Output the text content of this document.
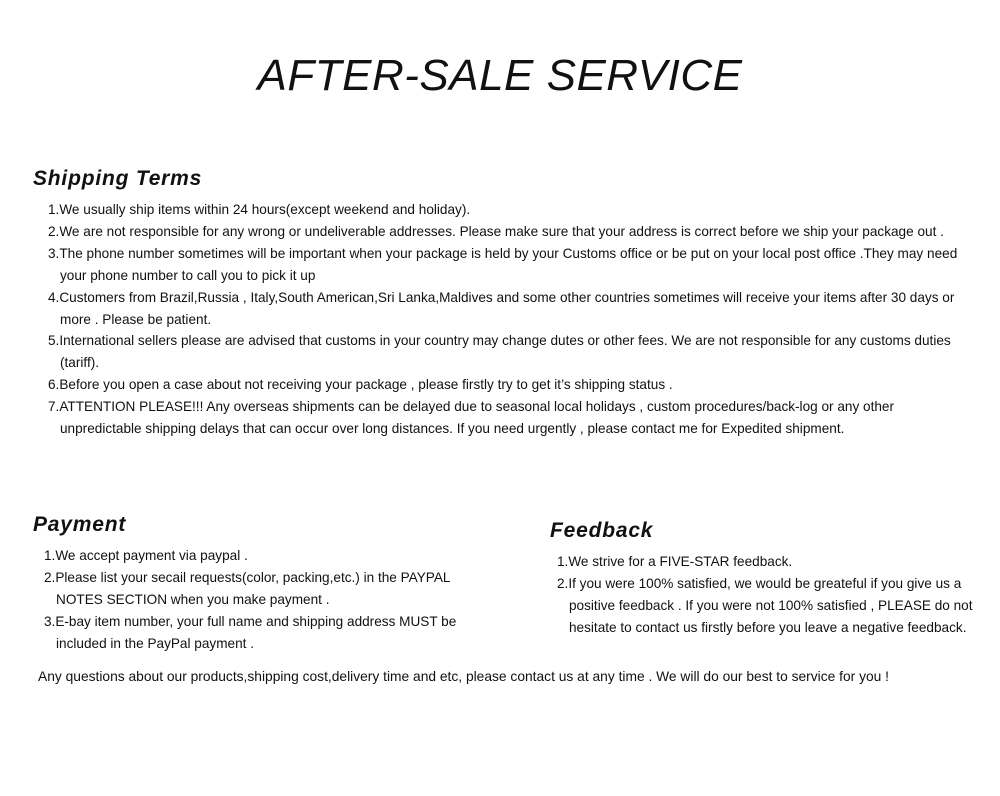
AFTER-SALE SERVICE
Shipping Terms
1.We usually ship items within 24 hours(except weekend and holiday).
2.We are not responsible for any wrong or undeliverable addresses. Please make sure that your address is correct before we ship your package out .
3.The phone number sometimes will be important when your package is held by your Customs office or be put on your local post office .They may need your phone number to call you to pick it up
4.Customers from Brazil,Russia , Italy,South American,Sri Lanka,Maldives and some other countries sometimes will receive your items after 30 days or more . Please be patient.
5.International sellers please are advised that customs in your country may change dutes or other fees. We are not responsible for any customs duties (tariff).
6.Before you open a case about not receiving your package , please firstly try to get it’s shipping status .
7.ATTENTION PLEASE!!! Any overseas shipments can be delayed due to seasonal local holidays , custom procedures/back-log or any other unpredictable shipping delays that can occur over long distances. If you need urgently , please contact me for Expedited shipment.
Payment
1.We accept payment via paypal .
2.Please list your secail requests(color, packing,etc.) in the PAYPAL NOTES SECTION when you make payment .
3.E-bay item number, your full name and shipping address MUST be included in the PayPal payment .
Feedback
1.We strive for a FIVE-STAR feedback.
2.If you were 100% satisfied, we would be greateful if you give us a positive feedback . If you were not 100% satisfied , PLEASE do not hesitate to contact us firstly before you leave a negative feedback.

Any questions about our products,shipping cost,delivery time and etc, please contact us at any time . We will do our best to service for you !
